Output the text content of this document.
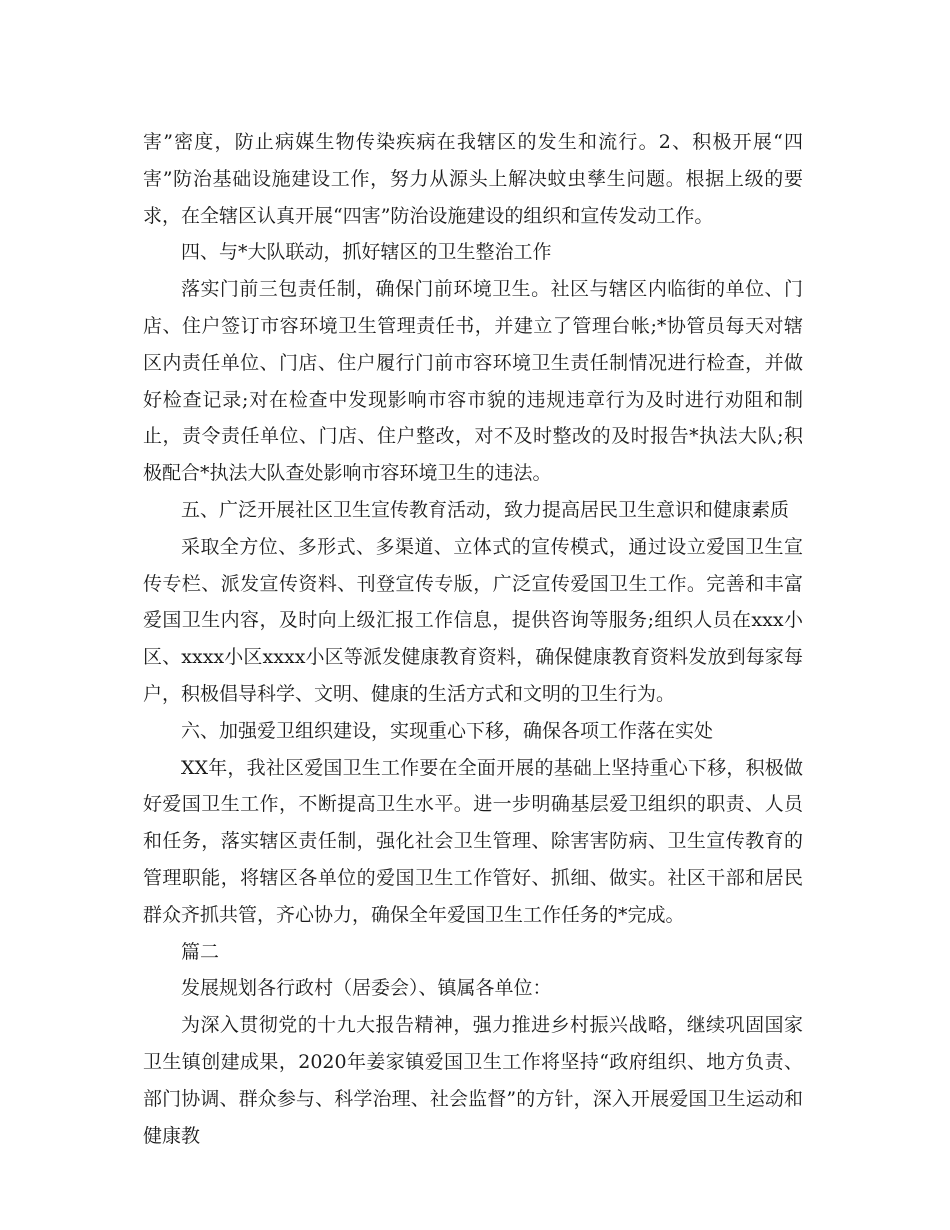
害”密度，防止病媒生物传染疾病在我辖区的发生和流行。2、积极开展“四害”防治基础设施建设工作，努力从源头上解决蚊虫孳生问题。根据上级的要求，在全辖区认真开展“四害”防治设施建设的组织和宣传发动工作。

四、与*大队联动，抓好辖区的卫生整治工作

落实门前三包责任制，确保门前环境卫生。社区与辖区内临街的单位、门店、住户签订市容环境卫生管理责任书，并建立了管理台帐;*协管员每天对辖区内责任单位、门店、住户履行门前市容环境卫生责任制情况进行检查，并做好检查记录;对在检查中发现影响市容市貌的违规违章行为及时进行劝阻和制止，责令责任单位、门店、住户整改，对不及时整改的及时报告*执法大队;积极配合*执法大队查处影响市容环境卫生的违法。

五、广泛开展社区卫生宣传教育活动，致力提高居民卫生意识和健康素质

采取全方位、多形式、多渠道、立体式的宣传模式，通过设立爱国卫生宣传专栏、派发宣传资料、刊登宣传专版，广泛宣传爱国卫生工作。完善和丰富爱国卫生内容，及时向上级汇报工作信息，提供咨询等服务;组织人员在xxx小区、xxxx小区xxxx小区等派发健康教育资料，确保健康教育资料发放到每家每户，积极倡导科学、文明、健康的生活方式和文明的卫生行为。

六、加强爱卫组织建设，实现重心下移，确保各项工作落在实处

XX年，我社区爱国卫生工作要在全面开展的基础上坚持重心下移，积极做好爱国卫生工作，不断提高卫生水平。进一步明确基层爱卫组织的职责、人员和任务，落实辖区责任制，强化社会卫生管理、除害害防病、卫生宣传教育的管理职能，将辖区各单位的爱国卫生工作管好、抓细、做实。社区干部和居民群众齐抓共管，齐心协力，确保全年爱国卫生工作任务的*完成。

篇二

发展规划各行政村（居委会）、镇属各单位：

为深入贯彻党的十九大报告精神，强力推进乡村振兴战略，继续巩固国家卫生镇创建成果，2020年姜家镇爱国卫生工作将坚持“政府组织、地方负责、部门协调、群众参与、科学治理、社会监督”的方针，深入开展爱国卫生运动和健康教
